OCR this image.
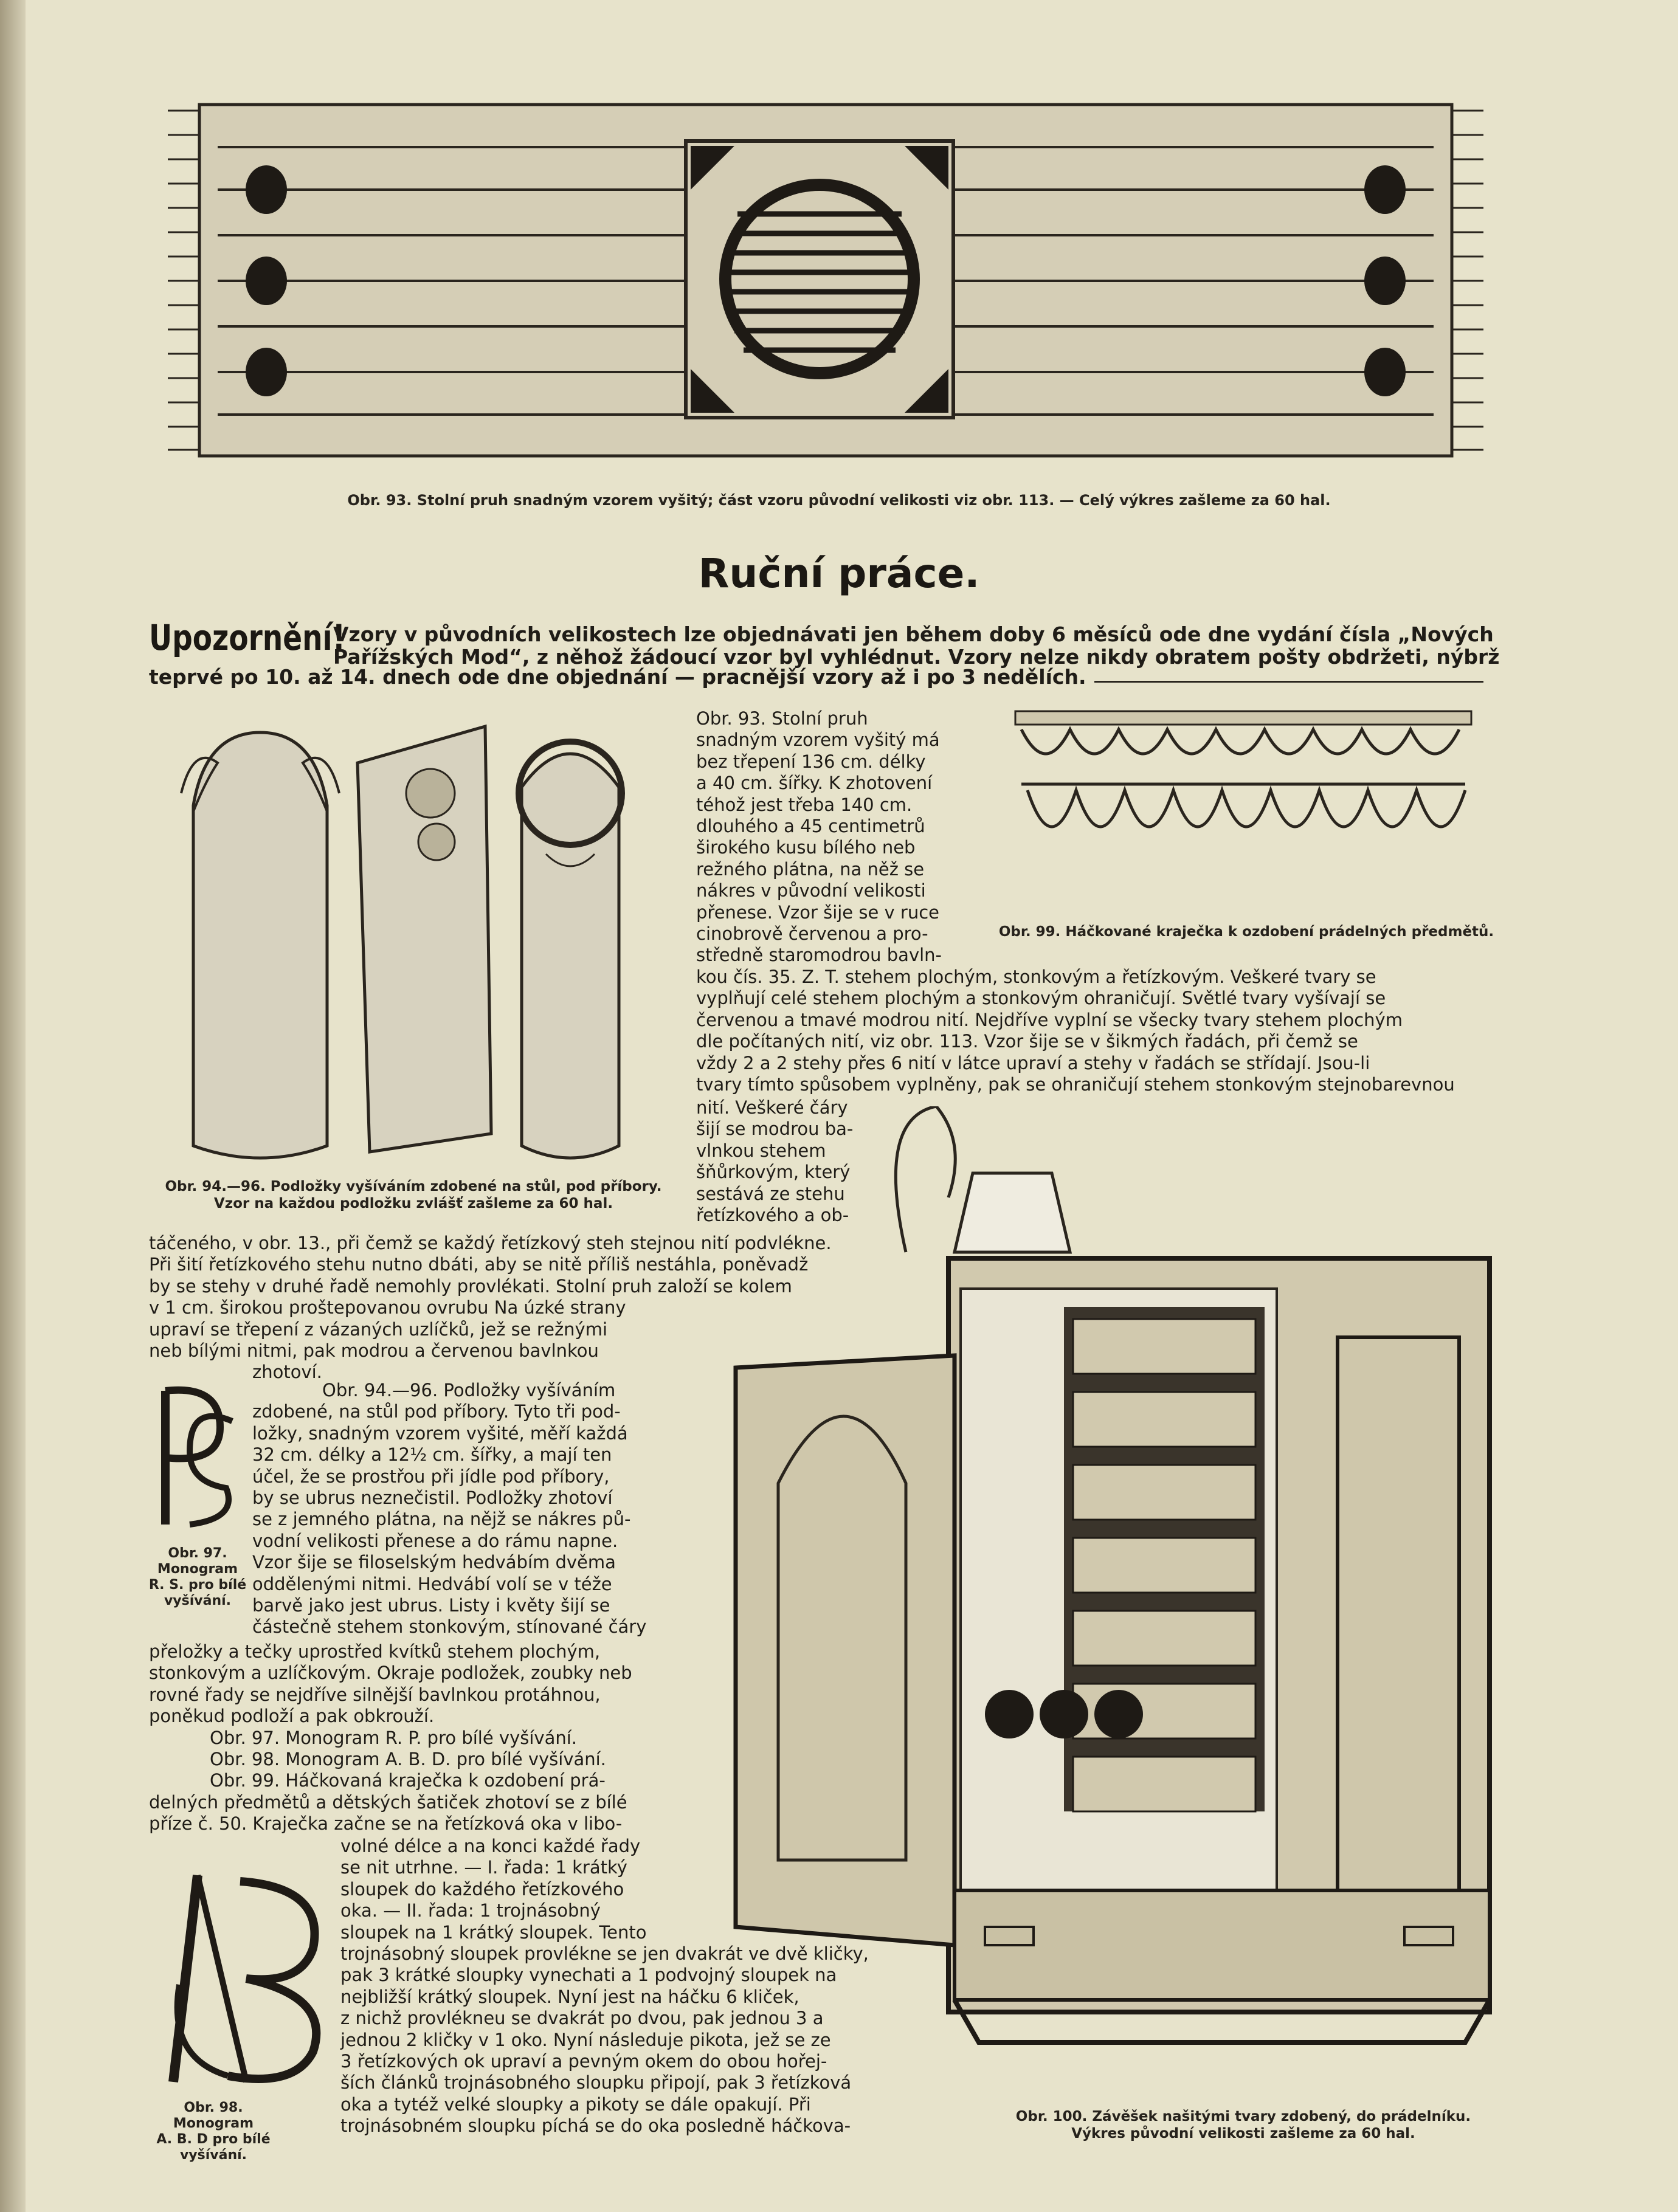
Obr. 93. Stolní pruh snadným vzorem vyšitý; část vzoru původní velikosti viz obr. 113. — Celý výkres zašleme za 60 hal.
Ruční práce.
Upozornění!
Vzory v původních velikostech lze objednávati jen během doby 6 měsíců ode dne vydání čísla „Nových
Pařížských Mod“, z něhož žádoucí vzor byl vyhlédnut. Vzory nelze nikdy obratem pošty obdržeti, nýbrž
teprvé po 10. až 14. dnech ode dne objednání — pracnější vzory až i po 3 nedělích.
Obr. 94.—96. Podložky vyšíváním zdobené na stůl, pod příbory.
Vzor na každou podložku zvlášť zašleme za 60 hal.
Obr. 99. Háčkované kraječka k ozdobení prádelných předmětů.
Obr. 93. Stolní pruh
snadným vzorem vyšitý má
bez třepení 136 cm. délky
a 40 cm. šířky. K zhotovení
téhož jest třeba 140 cm.
dlouhého a 45 centimetrů
širokého kusu bílého neb
režného plátna, na něž se
nákres v původní velikosti
přenese. Vzor šije se v ruce
cinobrově červenou a pro-
středně staromodrou bavln-
kou čís. 35. Z. T. stehem plochým, stonkovým a řetízkovým. Veškeré tvary se
vyplňují celé stehem plochým a stonkovým ohraničují. Světlé tvary vyšívají se
červenou a tmavé modrou nití. Nejdříve vyplní se všecky tvary stehem plochým
dle počítaných nití, viz obr. 113. Vzor šije se v šikmých řadách, při čemž se
vždy 2 a 2 stehy přes 6 nití v látce upraví a stehy v řadách se střídají. Jsou-li
tvary tímto spůsobem vyplněny, pak se ohraničují stehem stonkovým stejnobarevnou
nití. Veškeré čáry
šijí se modrou ba-
vlnkou stehem
šňůrkovým, který
sestává ze stehu
řetízkového a ob-
táčeného, v obr. 13., při čemž se každý řetízkový steh stejnou nití podvlékne.
Při šití řetízkového stehu nutno dbáti, aby se nitě příliš nestáhla, poněvadž
by se stehy v druhé řadě nemohly provlékati. Stolní pruh založí se kolem
v 1 cm. širokou proštepovanou ovrubu Na úzké strany
upraví se třepení z vázaných uzlíčků, jež se režnými
neb bílými nitmi, pak modrou a červenou bavlnkou
zhotoví.
Obr. 97.
Monogram
R. S. pro bílé
vyšívání.
Obr. 94.—96. Podložky vyšíváním
zdobené, na stůl pod příbory. Tyto tři pod-
ložky, snadným vzorem vyšité, měří každá
32 cm. délky a 12½ cm. šířky, a mají ten
účel, že se prostřou při jídle pod příbory,
by se ubrus neznečistil. Podložky zhotoví
se z jemného plátna, na nějž se nákres pů-
vodní velikosti přenese a do rámu napne.
Vzor šije se filoselským hedvábím dvěma
oddělenými nitmi. Hedvábí volí se v téže
barvě jako jest ubrus. Listy i květy šijí se
částečně stehem stonkovým, stínované čáry
přeložky a tečky uprostřed kvítků stehem plochým,
stonkovým a uzlíčkovým. Okraje podložek, zoubky neb
rovné řady se nejdříve silnější bavlnkou protáhnou,
poněkud podloží a pak obkrouží.
Obr. 97. Monogram R. P. pro bílé vyšívání.
Obr. 98. Monogram A. B. D. pro bílé vyšívání.
Obr. 99. Háčkovaná kraječka k ozdobení prá-
delných předmětů a dětských šatiček zhotoví se z bílé
příze č. 50. Kraječka začne se na řetízková oka v libo-
Obr. 98. Monogram
A. B. D pro bílé
vyšívání.
volné délce a na konci každé řady
se nit utrhne. — I. řada: 1 krátký
sloupek do každého řetízkového
oka. — II. řada: 1 trojnásobný
sloupek na 1 krátký sloupek. Tento
trojnásobný sloupek provlékne se jen dvakrát ve dvě kličky,
pak 3 krátké sloupky vynechati a 1 podvojný sloupek na
nejbližší krátký sloupek. Nyní jest na háčku 6 kliček,
z nichž provlékneu se dvakrát po dvou, pak jednou 3 a
jednou 2 kličky v 1 oko. Nyní následuje pikota, jež se ze
3 řetízkových ok upraví a pevným okem do obou hořej-
ších článků trojnásobného sloupku připojí, pak 3 řetízková
oka a tytéž velké sloupky a pikoty se dále opakují. Při
trojnásobném sloupku píchá se do oka posledně háčkova-	Obr. 100. Závěšek našitými tvary zdobený, do prádelníku.
Výkres původní velikosti zašleme za 60 hal.
